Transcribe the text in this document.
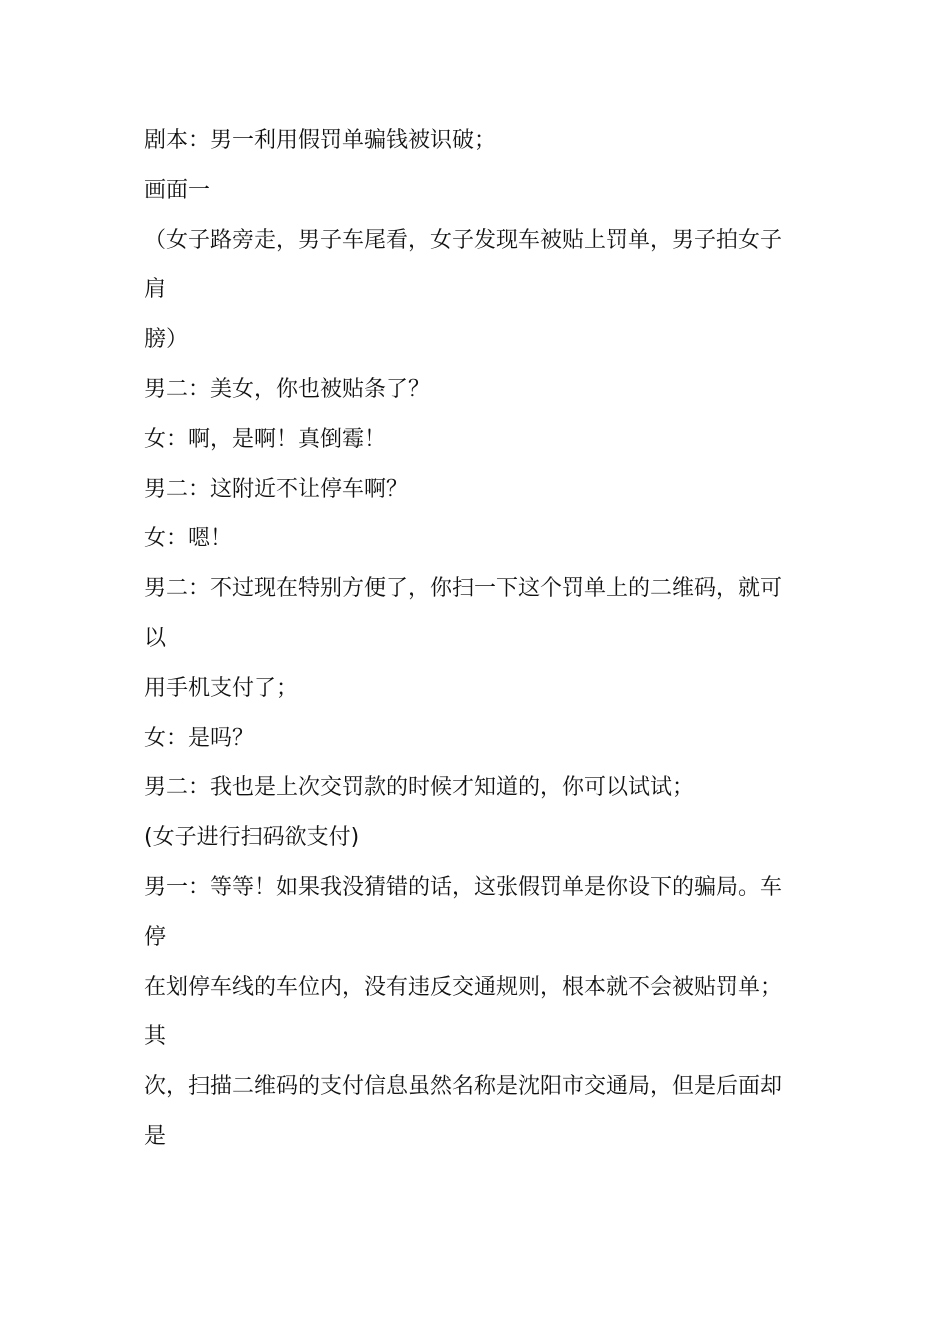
剧本：男一利用假罚单骗钱被识破；
画面一
（女子路旁走，男子车尾看，女子发现车被贴上罚单，男子拍女子
肩
膀）
男二：美女，你也被贴条了？
女：啊，是啊！真倒霉！
男二：这附近不让停车啊？
女：嗯！
男二：不过现在特别方便了，你扫一下这个罚单上的二维码，就可
以
用手机支付了；
女：是吗？
男二：我也是上次交罚款的时候才知道的，你可以试试；
(女子进行扫码欲支付)
男一：等等！如果我没猜错的话，这张假罚单是你设下的骗局。车
停
在划停车线的车位内，没有违反交通规则，根本就不会被贴罚单；
其
次，扫描二维码的支付信息虽然名称是沈阳市交通局，但是后面却
是
